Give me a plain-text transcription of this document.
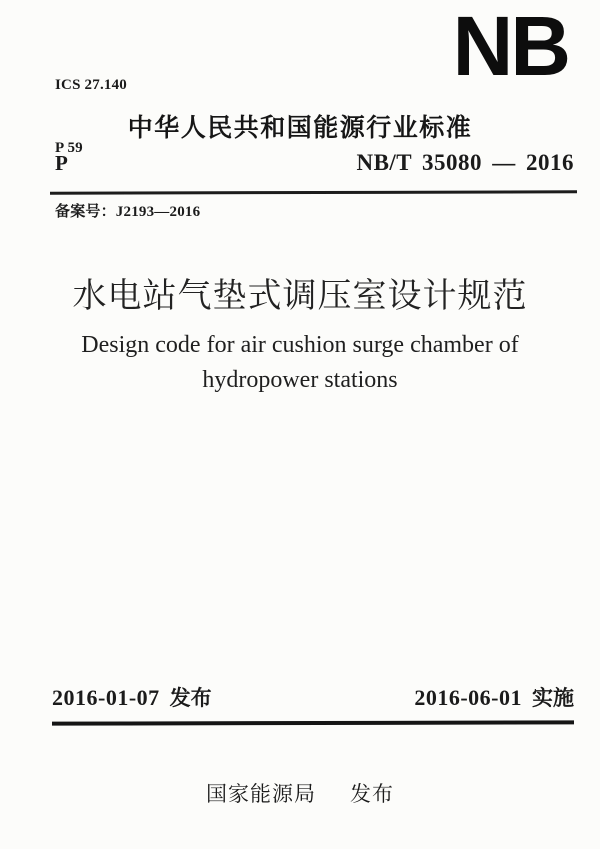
ICS 27.140

P 59

备案号：J2193—2016

NB
中华人民共和国能源行业标准
P	NB/T 35080 — 2016
水电站气垫式调压室设计规范
Design code for air cushion surge chamber of
hydropower stations
2016-01-07 发布	2016-06-01 实施
国家能源局 发布
